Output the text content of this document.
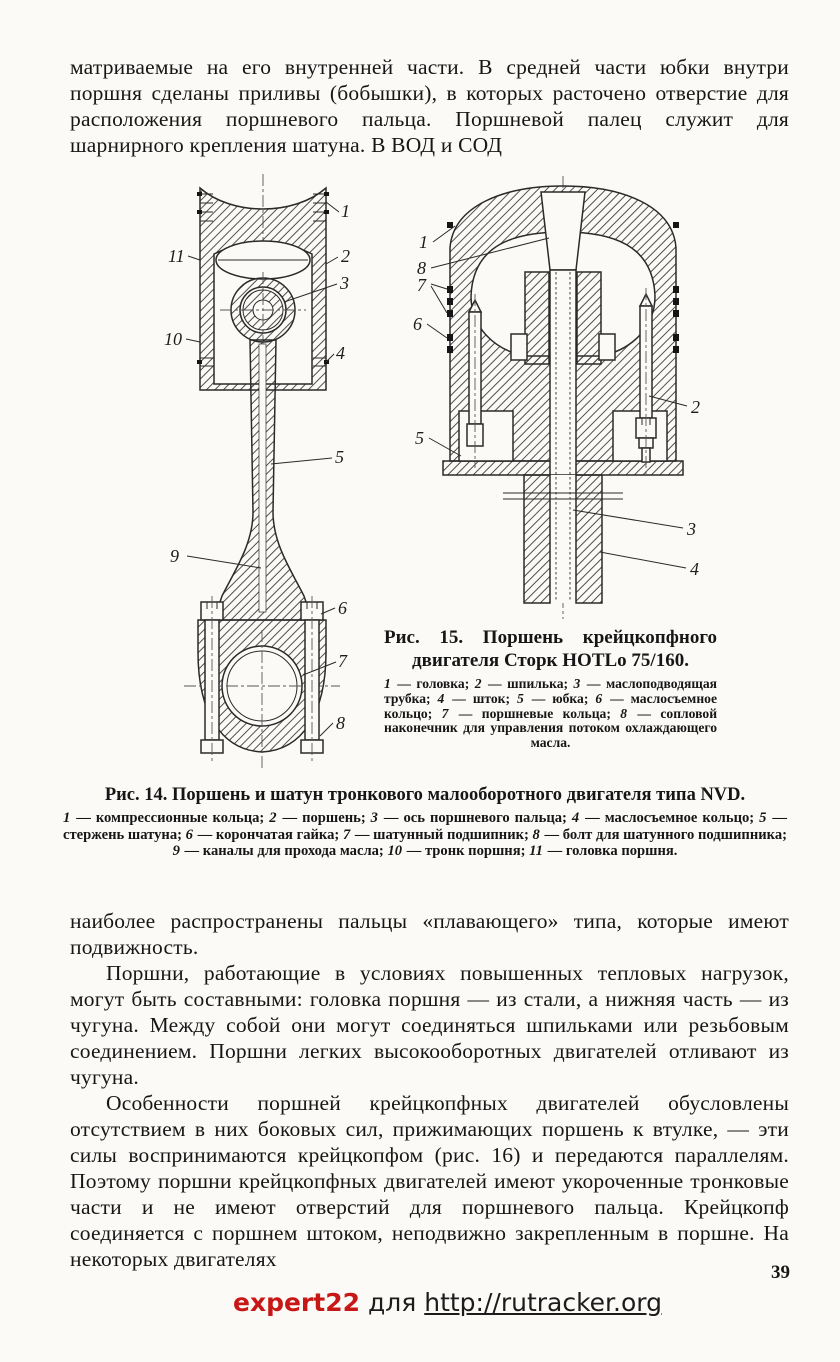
матриваемые на его внутренней части. В средней части юбки внутри поршня сделаны приливы (бобышки), в которых расточено отверстие для расположения поршневого пальца. Поршневой палец служит для шарнирного крепления шатуна. В ВОД и СОД

1
2
3
4
5
6
7
8
9
10
11
1
2
3
4
5
6
7
8
Рис. 15. Поршень крейцкопфного двигателя Сторк HOTLo 75/160.
1 — головка; 2 — шпилька; 3 — маслоподводящая трубка; 4 — шток; 5 — юбка; 6 — маслосъемное кольцо; 7 — поршневые кольца; 8 — сопловой наконечник для управления потоком охлаждающего масла.
Рис. 14. Поршень и шатун тронкового малооборотного двигателя типа NVD.
1 — компрессионные кольца; 2 — поршень; 3 — ось поршневого пальца; 4 — маслосъемное кольцо; 5 — стержень шатуна; 6 — корончатая гайка; 7 — шатунный подшипник; 8 — болт для шатунного подшипника; 9 — каналы для прохода масла; 10 — тронк поршня; 11 — головка поршня.

наиболее распространены пальцы «плавающего» типа, которые имеют подвижность.

Поршни, работающие в условиях повышенных тепловых нагрузок, могут быть составными: головка поршня — из стали, а нижняя часть — из чугуна. Между собой они могут соединяться шпильками или резьбовым соединением. Поршни легких высокооборотных двигателей отливают из чугуна.

Особенности поршней крейцкопфных двигателей обусловлены отсутствием в них боковых сил, прижимающих поршень к втулке, — эти силы воспринимаются крейцкопфом (рис. 16) и передаются параллелям. Поэтому поршни крейцкопфных двигателей имеют укороченные тронковые части и не имеют отверстий для поршневого пальца. Крейцкопф соединяется с поршнем штоком, неподвижно закрепленным в поршне. На некоторых двигателях

39
expert22 для http://rutracker.org
